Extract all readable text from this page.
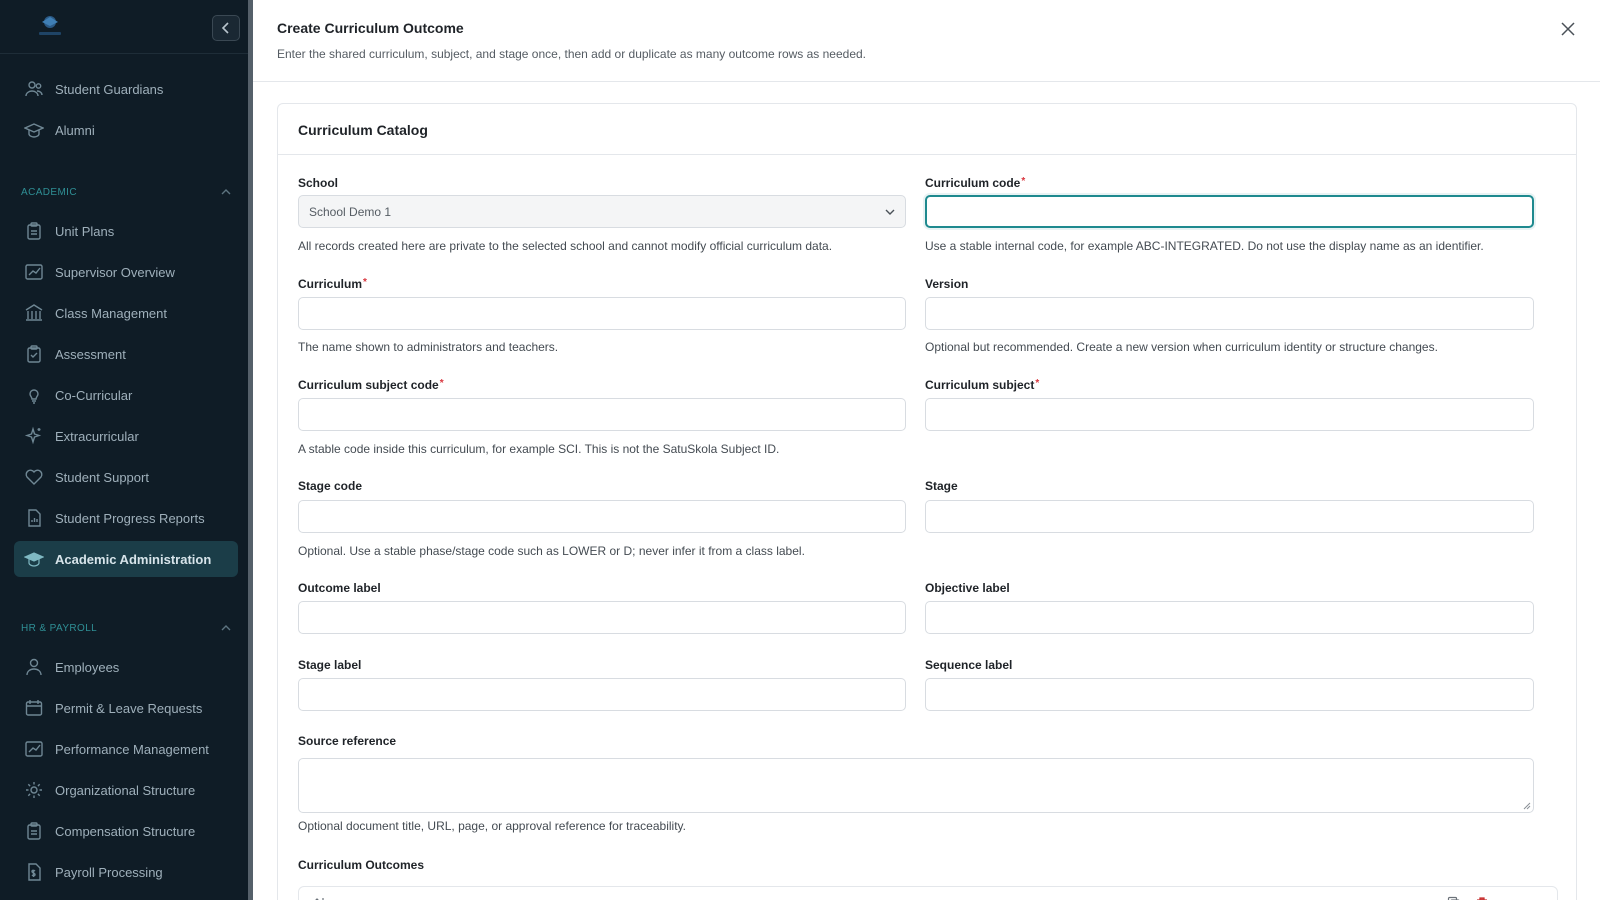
Student Guardians
Alumni
ACADEMIC
Unit Plans
Supervisor Overview
Class Management
Assessment
Co-Curricular
Extracurricular
Student Support
Student Progress Reports
Academic Administration
HR & PAYROLL
Employees
Permit & Leave Requests
Performance Management
Organizational Structure
Compensation Structure
Payroll Processing
Create Curriculum Outcome
Enter the shared curriculum, subject, and stage once, then add or duplicate as many outcome rows as needed.
Curriculum Catalog
School
School Demo 1
All records created here are private to the selected school and cannot modify official curriculum data.
Curriculum code*
Use a stable internal code, for example ABC-INTEGRATED. Do not use the display name as an identifier.
Curriculum*
The name shown to administrators and teachers.
Version
Optional but recommended. Create a new version when curriculum identity or structure changes.
Curriculum subject code*
A stable code inside this curriculum, for example SCI. This is not the SatuSkola Subject ID.
Curriculum subject*
Stage code
Optional. Use a stable phase/stage code such as LOWER or D; never infer it from a class label.
Stage
Outcome label	Objective label
Stage label	Sequence label
Source reference
Optional document title, URL, page, or approval reference for traceability.
Curriculum Outcomes
